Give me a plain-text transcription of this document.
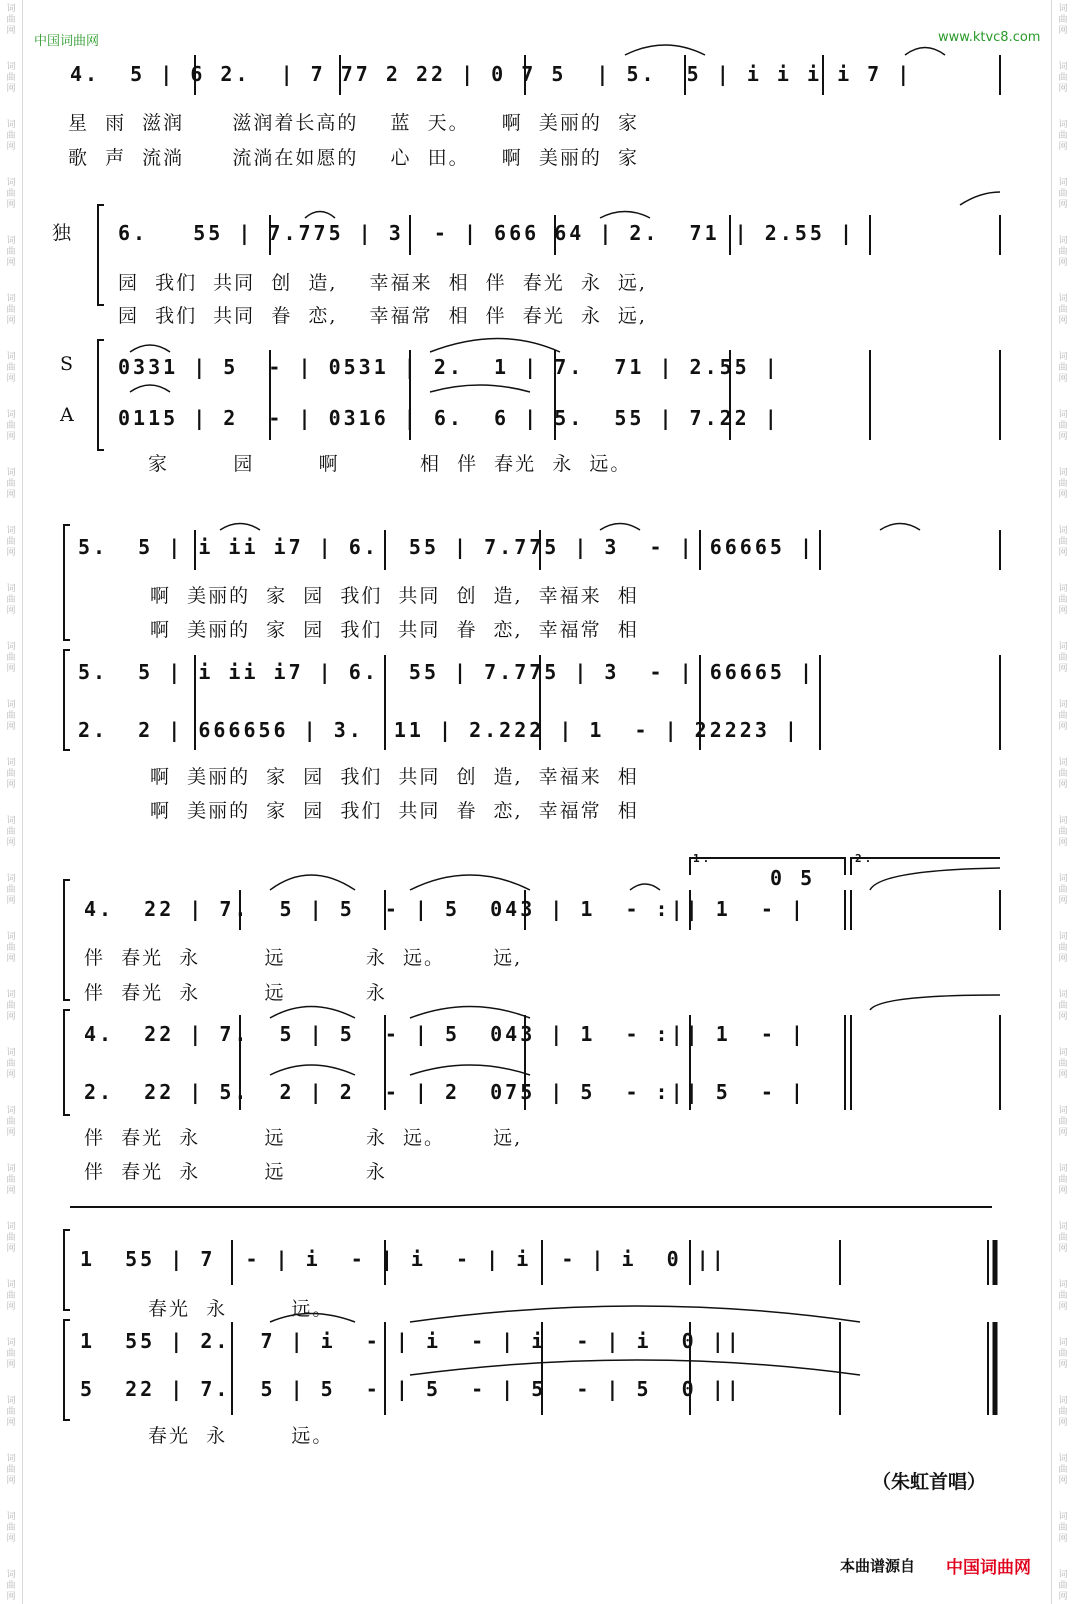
词
曲
网
词
曲
网
词
曲
网
词
曲
网
词
曲
网
词
曲
网
词
曲
网
词
曲
网
词
曲
网
词
曲
网
词
曲
网
词
曲
网
词
曲
网
词
曲
网
词
曲
网
词
曲
网
词
曲
网
词
曲
网
词
曲
网
词
曲
网
词
曲
网
词
曲
网
词
曲
网
词
曲
网
词
曲
网
词
曲
网
词
曲
网
词
曲
网
词
曲
网
词
曲
网
词
曲
网
词
曲
网
词
曲
网
词
曲
网
词
曲
网
词
曲
网
词
曲
网
词
曲
网
词
曲
网
词
曲
网
词
曲
网
词
曲
网
词
曲
网
词
曲
网
词
曲
网
词
曲
网
词
曲
网
词
曲
网
词
曲
网
词
曲
网
词
曲
网
词
曲
网
词
曲
网
词
曲
网
词
曲
网
词
曲
网
中国词曲网	www.ktvc8.com
4.  5 | 6 2.  | 7 77 2 22 | 0 7 5  | 5.  5 | i i i i 7 |
星  雨  滋润      滋润着长高的    蓝  天。    啊  美丽的  家
歌  声  流淌      流淌在如愿的    心  田。    啊  美丽的  家
独 6.   55 | 7.775 | 3  - | 666 64 | 2.  71 | 2.55 |
园  我们  共同  创  造,    幸福来  相  伴  春光  永  远,
园  我们  共同  眷  恋,    幸福常  相  伴  春光  永  远,
S 0331 | 5  - | 0531 | 2.  1 | 7.  71 | 2.55 |
A 0115 | 2  - | 0316 | 6.  6 | 5.  55 | 7.22 |
家        园        啊          相  伴  春光  永  远。
5.  5 | i ii i7 | 6.  55 | 7.775 | 3  - | 66665 |
啊  美丽的  家  园  我们  共同  创  造,  幸福来  相
啊  美丽的  家  园  我们  共同  眷  恋,  幸福常  相
5.  5 | i ii i7 | 6.  55 | 7.775 | 3  - | 66665 |
2.  2 | 666656 | 3.  11 | 2.222 | 1  - | 22223 |
啊  美丽的  家  园  我们  共同  创  造,  幸福来  相
啊  美丽的  家  园  我们  共同  眷  恋,  幸福常  相
1.	2.
0 5
4.  22 | 7.  5 | 5  - | 5  043 | 1  - :|| 1  - |
伴  春光  永        远          永  远。      远,
伴  春光  永        远          永
4.  22 | 7.  5 | 5  - | 5  043 | 1  - :|| 1  - |
2.  22 | 5.  2 | 2  - | 2  075 | 5  - :|| 5  - |
伴  春光  永        远          永  远。      远,
伴  春光  永        远          永
1  55 | 7  - | i  - | i  - | i  - | i  0 ||
春光  永        远。
1  55 | 2.  7 | i  - | i  - | i  - | i  0 ||
5  22 | 7.  5 | 5  - | 5  - | 5  - | 5  0 ||
春光  永        远。
（朱虹首唱）
本曲谱源自 中国词曲网
